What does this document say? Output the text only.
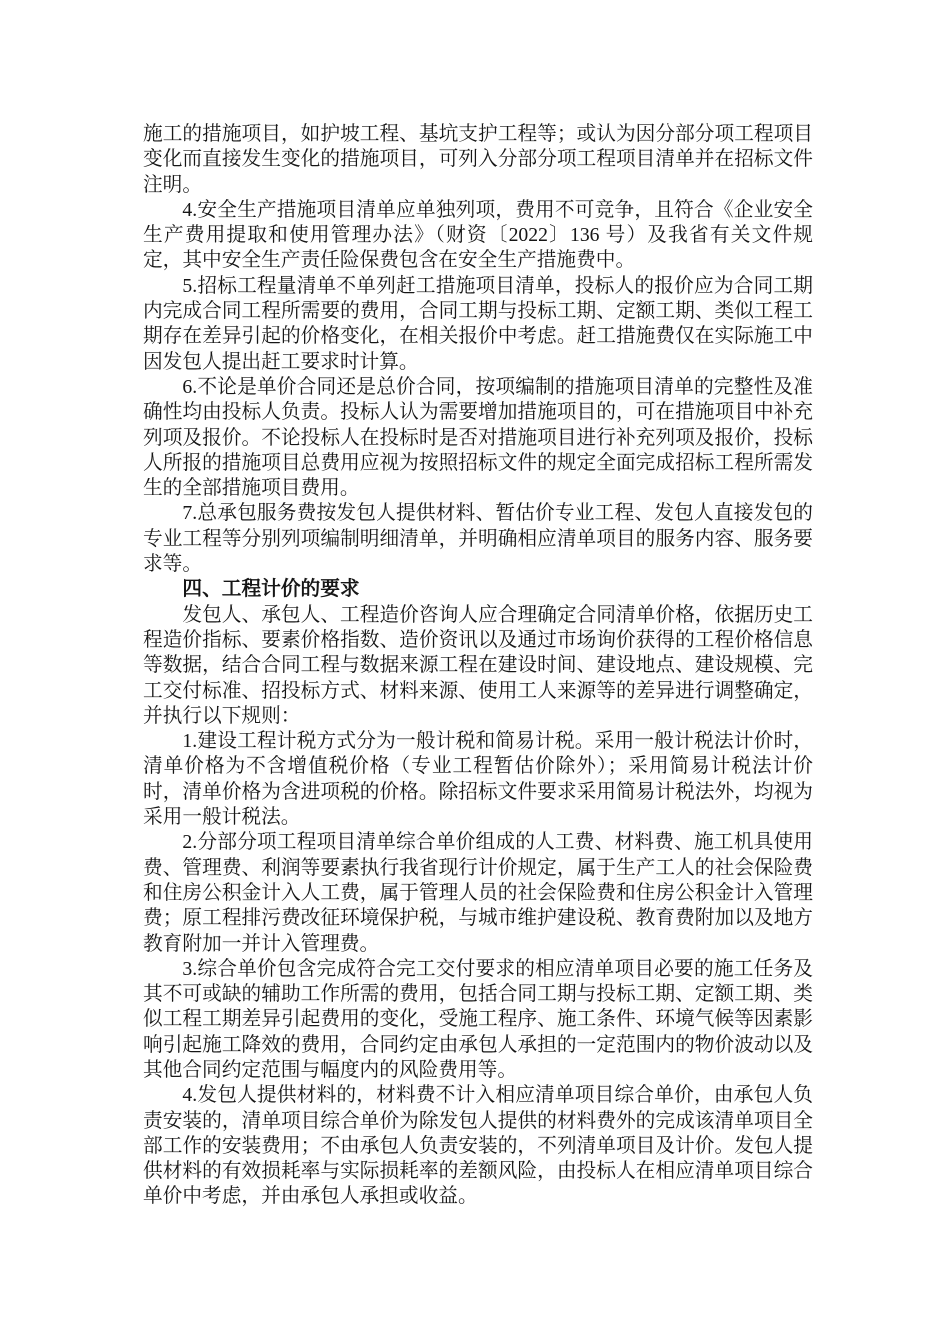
施工的措施项目，如护坡工程、基坑支护工程等；或认为因分部分项工程项目变化而直接发生变化的措施项目，可列入分部分项工程项目清单并在招标文件注明。

4.安全生产措施项目清单应单独列项，费用不可竞争，且符合《企业安全生产费用提取和使用管理办法》（财资〔2022〕136 号）及我省有关文件规定，其中安全生产责任险保费包含在安全生产措施费中。

5.招标工程量清单不单列赶工措施项目清单，投标人的报价应为合同工期内完成合同工程所需要的费用，合同工期与投标工期、定额工期、类似工程工期存在差异引起的价格变化，在相关报价中考虑。赶工措施费仅在实际施工中因发包人提出赶工要求时计算。

6.不论是单价合同还是总价合同，按项编制的措施项目清单的完整性及准确性均由投标人负责。投标人认为需要增加措施项目的，可在措施项目中补充列项及报价。不论投标人在投标时是否对措施项目进行补充列项及报价，投标人所报的措施项目总费用应视为按照招标文件的规定全面完成招标工程所需发生的全部措施项目费用。

7.总承包服务费按发包人提供材料、暂估价专业工程、发包人直接发包的专业工程等分别列项编制明细清单，并明确相应清单项目的服务内容、服务要求等。

四、工程计价的要求

发包人、承包人、工程造价咨询人应合理确定合同清单价格，依据历史工程造价指标、要素价格指数、造价资讯以及通过市场询价获得的工程价格信息等数据，结合合同工程与数据来源工程在建设时间、建设地点、建设规模、完工交付标准、招投标方式、材料来源、使用工人来源等的差异进行调整确定，并执行以下规则：

1.建设工程计税方式分为一般计税和简易计税。采用一般计税法计价时，清单价格为不含增值税价格（专业工程暂估价除外）；采用简易计税法计价时，清单价格为含进项税的价格。除招标文件要求采用简易计税法外，均视为采用一般计税法。

2.分部分项工程项目清单综合单价组成的人工费、材料费、施工机具使用费、管理费、利润等要素执行我省现行计价规定，属于生产工人的社会保险费和住房公积金计入人工费，属于管理人员的社会保险费和住房公积金计入管理费；原工程排污费改征环境保护税，与城市维护建设税、教育费附加以及地方教育附加一并计入管理费。

3.综合单价包含完成符合完工交付要求的相应清单项目必要的施工任务及其不可或缺的辅助工作所需的费用，包括合同工期与投标工期、定额工期、类似工程工期差异引起费用的变化，受施工程序、施工条件、环境气候等因素影响引起施工降效的费用，合同约定由承包人承担的一定范围内的物价波动以及其他合同约定范围与幅度内的风险费用等。

4.发包人提供材料的，材料费不计入相应清单项目综合单价，由承包人负责安装的，清单项目综合单价为除发包人提供的材料费外的完成该清单项目全部工作的安装费用；不由承包人负责安装的，不列清单项目及计价。发包人提供材料的有效损耗率与实际损耗率的差额风险，由投标人在相应清单项目综合单价中考虑，并由承包人承担或收益。
